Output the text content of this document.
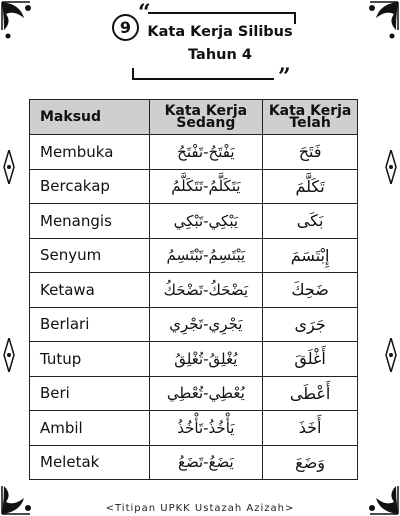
“
”
9	Kata Kerja Silibus
Tahun 4
Maksud	Kata Kerja Sedang	Kata Kerja Telah
Membuka	يَفْتَحُ-تَفْتَحُ	فَتَحَ
Bercakap	يَتَكَلَّمُ-تَتَكَلَّمُ	تَكَلَّمَ
Menangis	يَبْكِي-تَبْكِي	بَكَى
Senyum	يَبْتَسِمُ-تَبْتَسِمُ	إِبْتَسَمَ
Ketawa	يَضْحَكُ-تَضْحَكُ	ضَحِكَ
Berlari	يَجْرِي-تَجْرِي	جَرَى
Tutup	يُغْلِقُ-تُغْلِقُ	أَغْلَقَ
Beri	يُعْطِي-تُعْطِي	أَعْطَى
Ambil	يَأْخُذُ-تَأْخُذُ	أَخَذَ
Meletak	يَضَعُ-تَضَعُ	وَضَعَ
<Titipan UPKK Ustazah Azizah>
